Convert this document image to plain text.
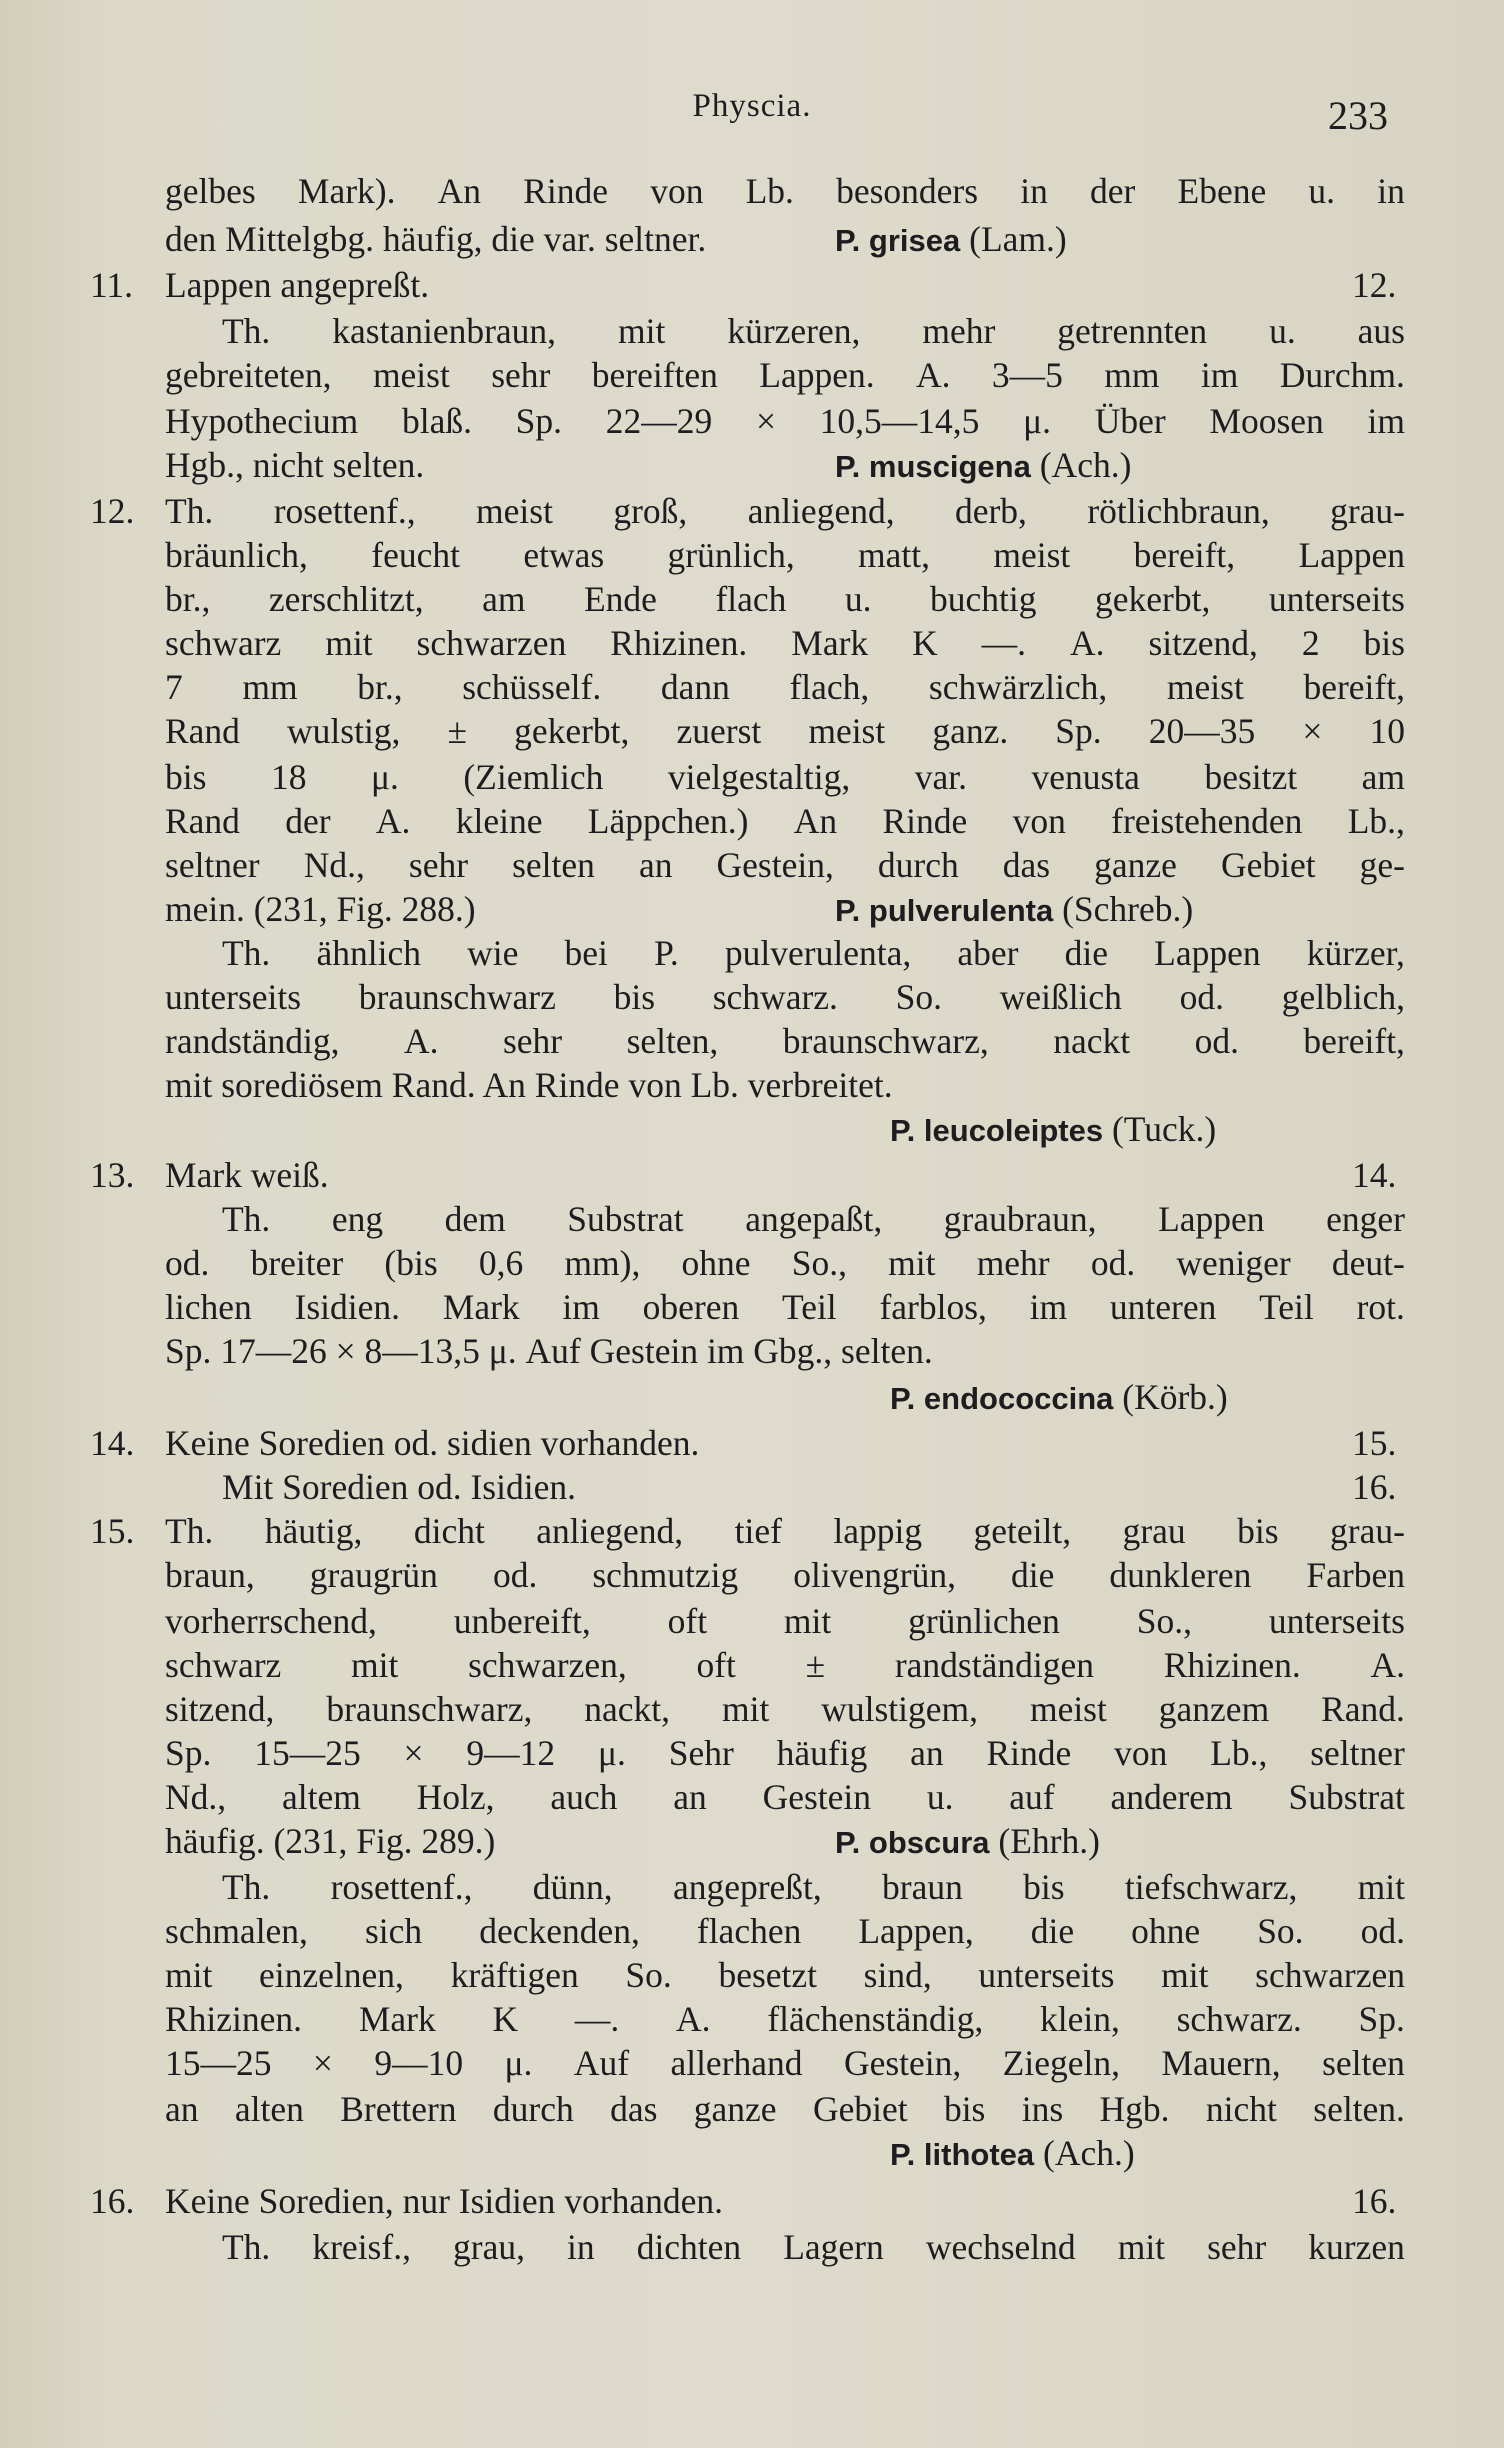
Physcia.	233
gelbes Mark). An Rinde von Lb. besonders in der Ebene u. in
den Mittelgbg. häufig, die var. seltner.	P. grisea (Lam.)
11. Lappen angepreßt.	12.
Th. kastanienbraun, mit kürzeren, mehr getrennten u. aus
gebreiteten, meist sehr bereiften Lappen. A. 3—5 mm im Durchm.
Hypothecium blaß. Sp. 22—29 × 10,5—14,5 μ. Über Moosen im
Hgb., nicht selten.	P. muscigena (Ach.)
12. Th. rosettenf., meist groß, anliegend, derb, rötlichbraun, grau-
bräunlich, feucht etwas grünlich, matt, meist bereift, Lappen
br., zerschlitzt, am Ende flach u. buchtig gekerbt, unterseits
schwarz mit schwarzen Rhizinen. Mark K —. A. sitzend, 2 bis
7 mm br., schüsself. dann flach, schwärzlich, meist bereift,
Rand wulstig, ± gekerbt, zuerst meist ganz. Sp. 20—35 × 10
bis 18 μ. (Ziemlich vielgestaltig, var. venusta besitzt am
Rand der A. kleine Läppchen.) An Rinde von freistehenden Lb.,
seltner Nd., sehr selten an Gestein, durch das ganze Gebiet ge-
mein. (231, Fig. 288.)	P. pulverulenta (Schreb.)
Th. ähnlich wie bei P. pulverulenta, aber die Lappen kürzer,
unterseits braunschwarz bis schwarz. So. weißlich od. gelblich,
randständig, A. sehr selten, braunschwarz, nackt od. bereift,
mit sorediösem Rand. An Rinde von Lb. verbreitet.
P. leucoleiptes (Tuck.)
13. Mark weiß.	14.
Th. eng dem Substrat angepaßt, graubraun, Lappen enger
od. breiter (bis 0,6 mm), ohne So., mit mehr od. weniger deut-
lichen Isidien. Mark im oberen Teil farblos, im unteren Teil rot.
Sp. 17—26 × 8—13,5 μ. Auf Gestein im Gbg., selten.
P. endococcina (Körb.)
14. Keine Soredien od. sidien vorhanden.	15.
Mit Soredien od. Isidien.	16.
15. Th. häutig, dicht anliegend, tief lappig geteilt, grau bis grau-
braun, graugrün od. schmutzig olivengrün, die dunkleren Farben
vorherrschend, unbereift, oft mit grünlichen So., unterseits
schwarz mit schwarzen, oft ± randständigen Rhizinen. A.
sitzend, braunschwarz, nackt, mit wulstigem, meist ganzem Rand.
Sp. 15—25 × 9—12 μ. Sehr häufig an Rinde von Lb., seltner
Nd., altem Holz, auch an Gestein u. auf anderem Substrat
häufig. (231, Fig. 289.)	P. obscura (Ehrh.)
Th. rosettenf., dünn, angepreßt, braun bis tiefschwarz, mit
schmalen, sich deckenden, flachen Lappen, die ohne So. od.
mit einzelnen, kräftigen So. besetzt sind, unterseits mit schwarzen
Rhizinen. Mark K —. A. flächenständig, klein, schwarz. Sp.
15—25 × 9—10 μ. Auf allerhand Gestein, Ziegeln, Mauern, selten
an alten Brettern durch das ganze Gebiet bis ins Hgb. nicht selten.
P. lithotea (Ach.)
16. Keine Soredien, nur Isidien vorhanden.	16.
Th. kreisf., grau, in dichten Lagern wechselnd mit sehr kurzen
